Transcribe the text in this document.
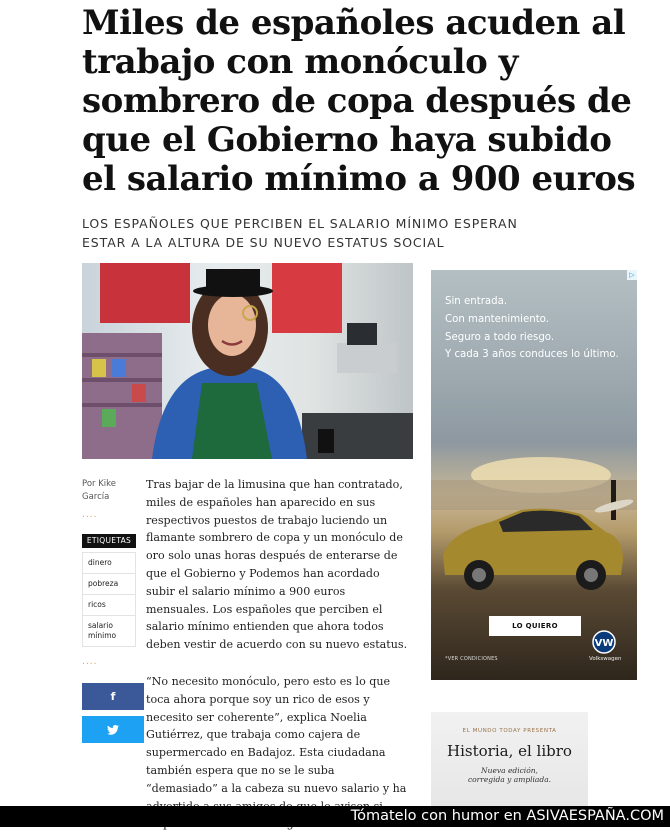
Miles de españoles acuden al trabajo con monóculo y sombrero de copa después de que el Gobierno haya subido el salario mínimo a 900 euros
LOS ESPAÑOLES QUE PERCIBEN EL SALARIO MÍNIMO ESPERAN ESTAR A LA ALTURA DE SU NUEVO ESTATUS SOCIAL
Por Kike García
....
ETIQUETAS
dinero
pobreza
ricos
salario mínimo
....
f

Tras bajar de la limusina que han contratado, miles de españoles han aparecido en sus respectivos puestos de trabajo luciendo un flamante sombrero de copa y un monóculo de oro solo unas horas después de enterarse de que el Gobierno y Podemos han acordado subir el salario mínimo a 900 euros mensuales. Los españoles que perciben el salario mínimo entienden que ahora todos deben vestir de acuerdo con su nuevo estatus.

“No necesito monóculo, pero esto es lo que toca ahora porque soy un rico de esos y necesito ser coherente”, explica Noelia Gutiérrez, que trabaja como cajera de supermercado en Badajoz. Esta ciudadana también espera que no se le suba “demasiado” a la cabeza su nuevo salario y ha

VW
▷
Sin entrada.
Con mantenimiento.
Seguro a todo riesgo.
Y cada 3 años conduces lo último.
LO QUIERO
*VER CONDICIONES	Volkswagen
EL MUNDO TODAY PRESENTA
Historia, el libro
Nueva edición,
corregida y ampliada.
Tómatelo con humor en ASIVAESPAÑA.COM
